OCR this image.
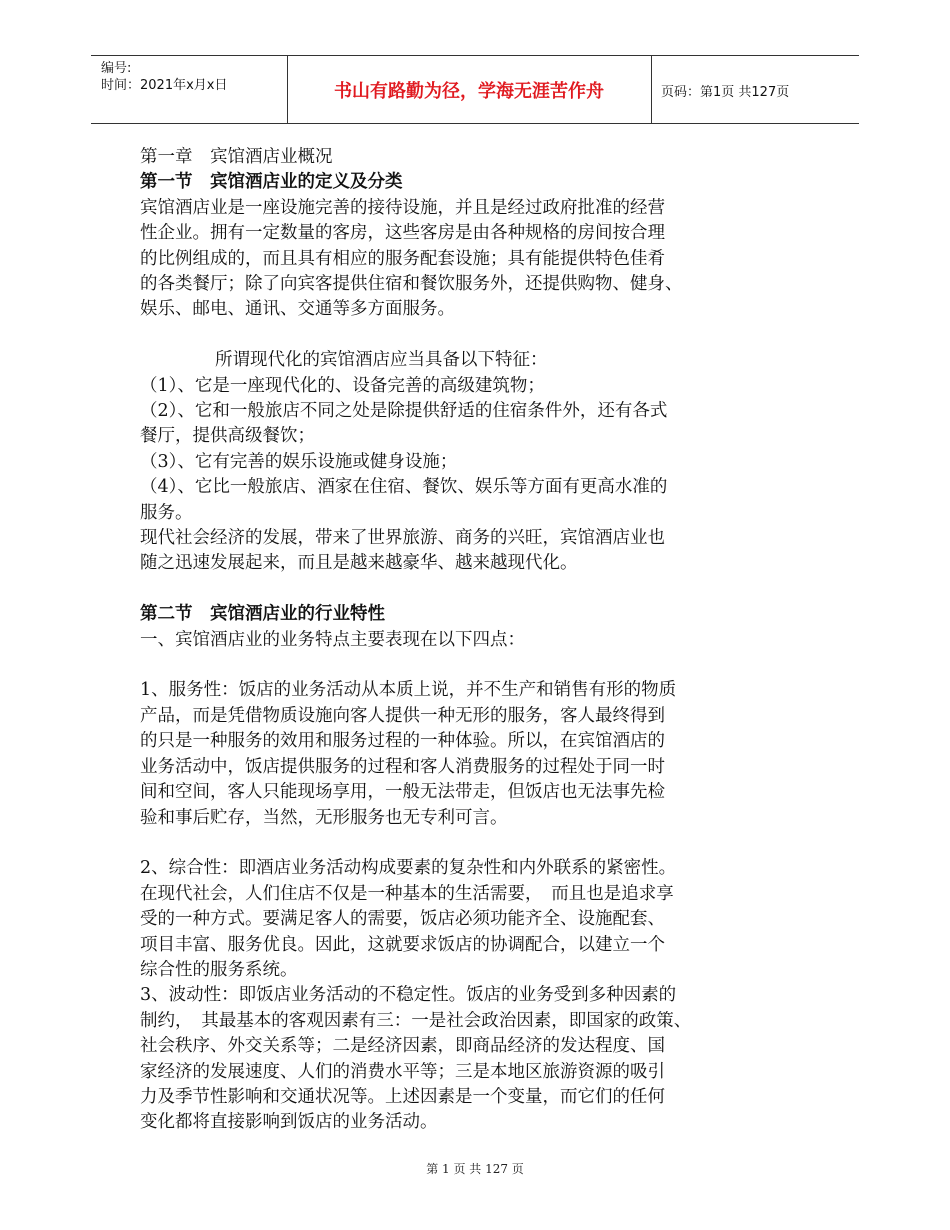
编号:
时间：2021年x月x日	书山有路勤为径，学海无涯苦作舟	页码：第1页 共127页
第一章　宾馆酒店业概况
第一节　宾馆酒店业的定义及分类
宾馆酒店业是一座设施完善的接待设施，并且是经过政府批准的经营
性企业。拥有一定数量的客房，这些客房是由各种规格的房间按合理
的比例组成的，而且具有相应的服务配套设施；具有能提供特色佳肴
的各类餐厅；除了向宾客提供住宿和餐饮服务外，还提供购物、健身、
娱乐、邮电、通讯、交通等多方面服务。
所谓现代化的宾馆酒店应当具备以下特征：
（1）、它是一座现代化的、设备完善的高级建筑物；
（2）、它和一般旅店不同之处是除提供舒适的住宿条件外，还有各式
餐厅，提供高级餐饮；
（3）、它有完善的娱乐设施或健身设施；
（4）、它比一般旅店、酒家在住宿、餐饮、娱乐等方面有更高水准的
服务。
现代社会经济的发展，带来了世界旅游、商务的兴旺，宾馆酒店业也
随之迅速发展起来，而且是越来越豪华、越来越现代化。
第二节　宾馆酒店业的行业特性
一、宾馆酒店业的业务特点主要表现在以下四点：
1、服务性：饭店的业务活动从本质上说，并不生产和销售有形的物质
产品，而是凭借物质设施向客人提供一种无形的服务，客人最终得到
的只是一种服务的效用和服务过程的一种体验。所以，在宾馆酒店的
业务活动中，饭店提供服务的过程和客人消费服务的过程处于同一时
间和空间，客人只能现场享用，一般无法带走，但饭店也无法事先检
验和事后贮存，当然，无形服务也无专利可言。
2、综合性：即酒店业务活动构成要素的复杂性和内外联系的紧密性。
在现代社会，人们住店不仅是一种基本的生活需要，　而且也是追求享
受的一种方式。要满足客人的需要，饭店必须功能齐全、设施配套、
项目丰富、服务优良。因此，这就要求饭店的协调配合，以建立一个
综合性的服务系统。
3、波动性：即饭店业务活动的不稳定性。饭店的业务受到多种因素的
制约，　其最基本的客观因素有三：一是社会政治因素，即国家的政策、
社会秩序、外交关系等；二是经济因素，即商品经济的发达程度、国
家经济的发展速度、人们的消费水平等；三是本地区旅游资源的吸引
力及季节性影响和交通状况等。上述因素是一个变量，而它们的任何
变化都将直接影响到饭店的业务活动。
第 1 页 共 127 页
